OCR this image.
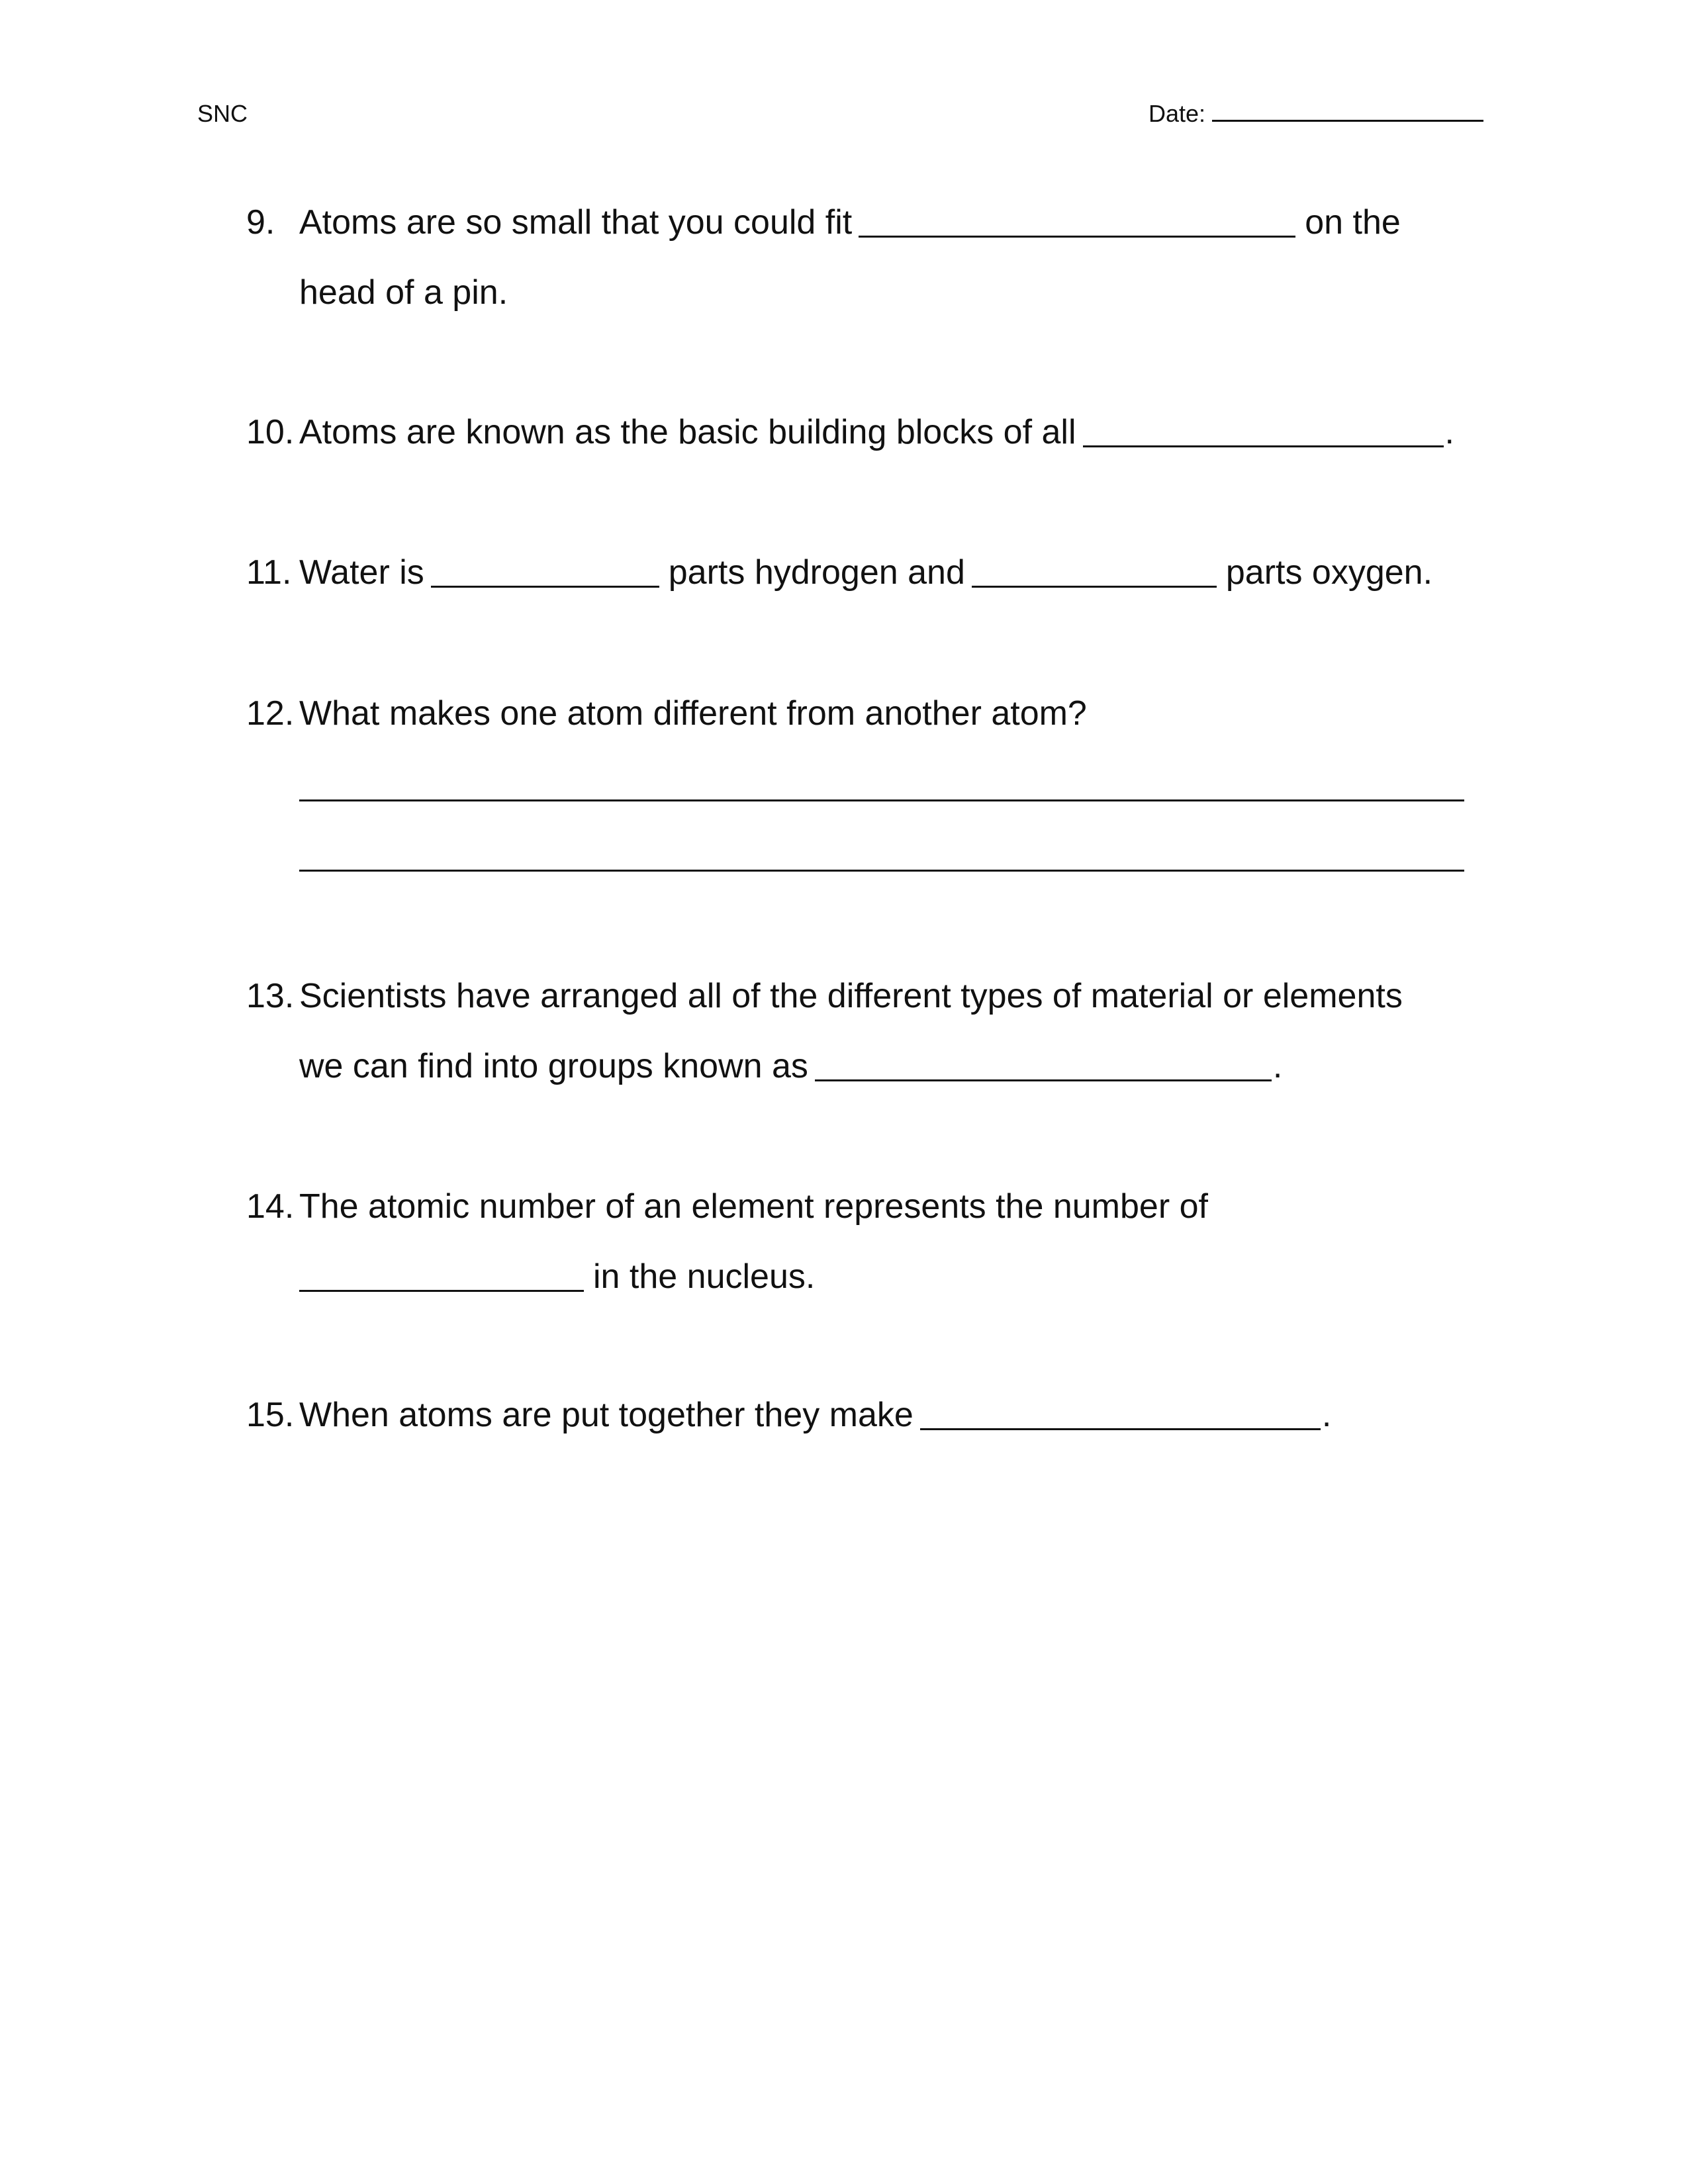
SNC	Date:
9. Atoms are so small that you could fit	on the
head of a pin.
10. Atoms are known as the basic building blocks of all	.
11. Water is	parts hydrogen and	parts oxygen.
12. What makes one atom different from another atom?
13. Scientists have arranged all of the different types of material or elements
we can find into groups known as	.
14. The atomic number of an element represents the number of
in the nucleus.
15. When atoms are put together they make	.
